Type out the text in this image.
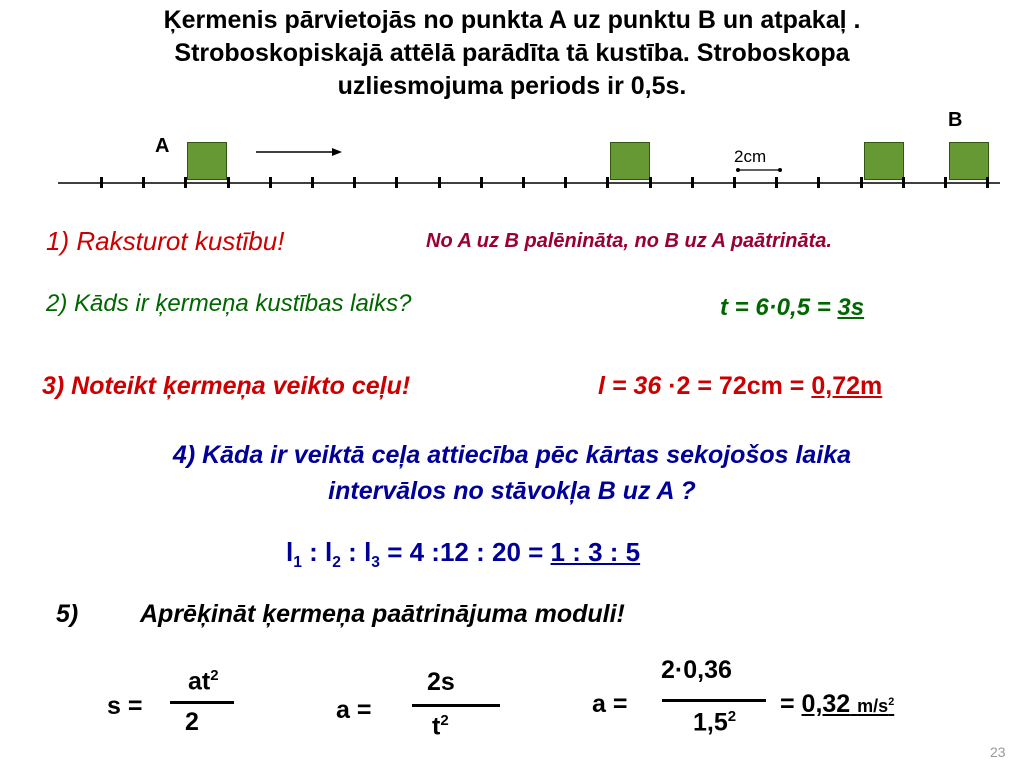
Ķermenis pārvietojās no punkta A uz punktu B un atpakaļ .
Stroboskopiskajā attēlā parādīta tā kustība. Stroboskopa
uzliesmojuma periods ir 0,5s.
A
B
2cm
1) Raksturot kustību!	No A uz B palēnināta, no B uz A paātrināta.
2) Kāds ir ķermeņa kustības laiks?	t = 6·0,5 = 3s
3) Noteikt ķermeņa veikto ceļu!	l = 36 ·2 = 72cm = 0,72m
4) Kāda ir veiktā ceļa attiecība pēc kārtas sekojošos laika
intervālos no stāvokļa B uz A ?
$l_1$ : $l_2$ : $l_3 = 4$ :12 : 20 = 1 : 3 : 5
5) Aprēķināt ķermeņa paātrinājuma moduli!
s =
$at^2$
2	a =
2s
$t^2$
a =
2·0,36
$1,5^2 = 0,32$ $m/s^2$
23
